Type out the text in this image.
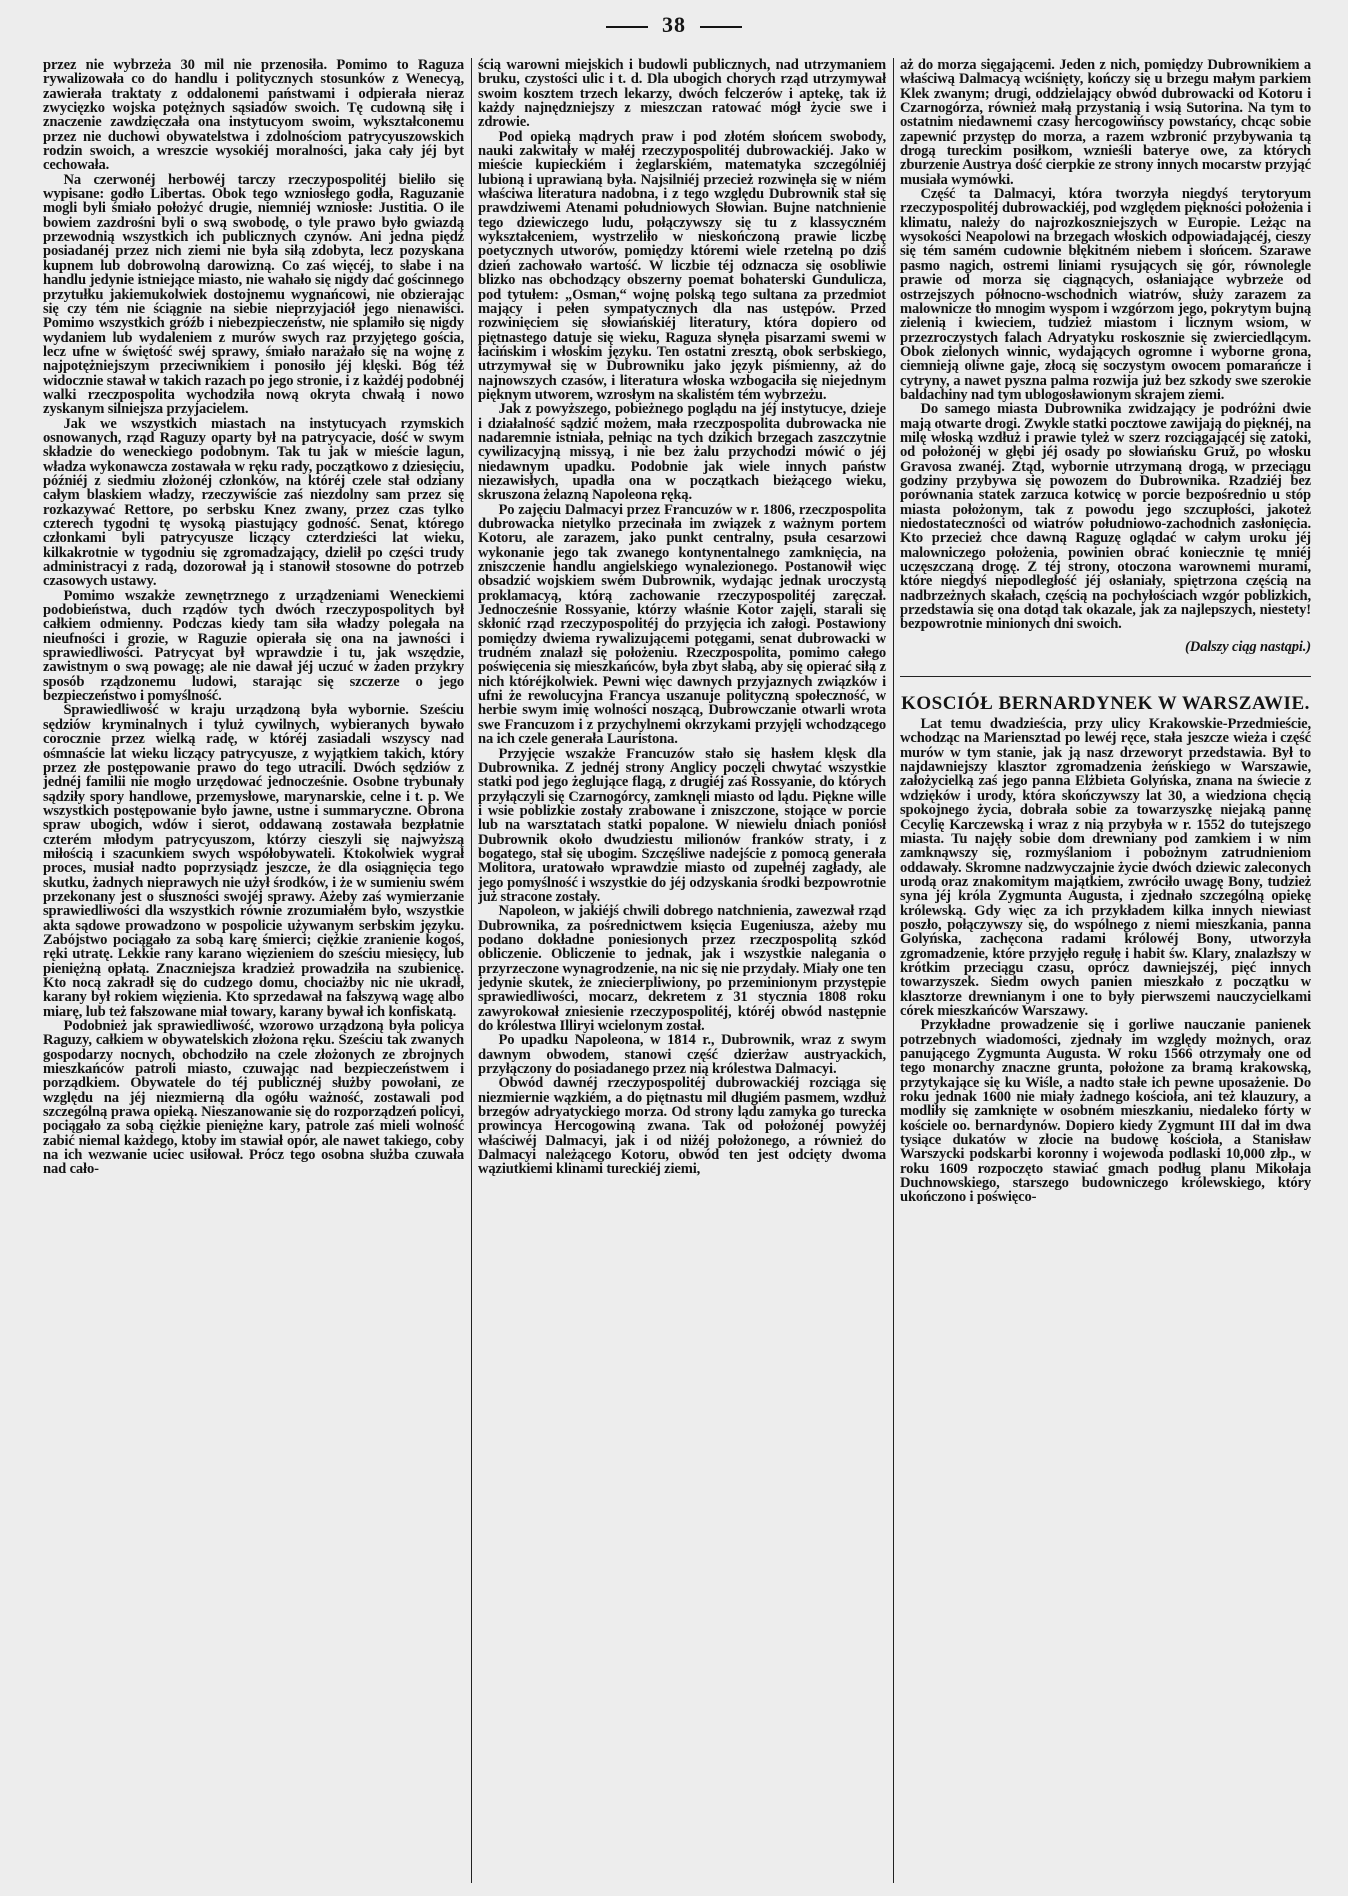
38

przez nie wybrzeża 30 mil nie przenosiła. Pomimo to Raguza rywalizowała co do handlu i politycznych stosunków z Wenecyą, zawierała traktaty z oddalonemi państwami i odpierała nieraz zwycięzko wojska potężnych sąsiadów swoich. Tę cudowną siłę i znaczenie zawdzięczała ona instytucyom swoim, wykształconemu przez nie duchowi obywatelstwa i zdolnościom patrycyuszowskich rodzin swoich, a wreszcie wysokiéj moralności, jaka cały jéj byt cechowała.

Na czerwonéj herbowéj tarczy rzeczypospolitéj bieliło się wypisane: godło Libertas. Obok tego wzniosłego godła, Raguzanie mogli byli śmiało położyć drugie, niemniéj wzniosłe: Justitia. O ile bowiem zazdrośni byli o swą swobodę, o tyle prawo było gwiazdą przewodnią wszystkich ich publicznych czynów. Ani jedna piędź posiadanéj przez nich ziemi nie była siłą zdobyta, lecz pozyskana kupnem lub dobrowolną darowizną. Co zaś więcéj, to słabe i na handlu jedynie istniejące miasto, nie wahało się nigdy dać gościnnego przytułku jakiemukolwiek dostojnemu wygnańcowi, nie obzierając się czy tém nie ściągnie na siebie nieprzyjaciół jego nienawiści. Pomimo wszystkich gróźb i niebezpieczeństw, nie splamiło się nigdy wydaniem lub wydaleniem z murów swych raz przyjętego gościa, lecz ufne w świętość swéj sprawy, śmiało narażało się na wojnę z najpotężniejszym przeciwnikiem i ponosiło jéj klęski. Bóg téż widocznie stawał w takich razach po jego stronie, i z każdéj podobnéj walki rzeczpospolita wychodziła nową okryta chwałą i nowo zyskanym silniejsza przyjacielem.

Jak we wszystkich miastach na instytucyach rzymskich osnowanych, rząd Raguzy oparty był na patrycyacie, dość w swym składzie do weneckiego podobnym. Tak tu jak w mieście lagun, władza wykonawcza zostawała w ręku rady, początkowo z dziesięciu, późniéj z siedmiu złożonéj członków, na któréj czele stał odziany całym blaskiem władzy, rzeczywiście zaś niezdolny sam przez się rozkazywać Rettore, po serbsku Knez zwany, przez czas tylko czterech tygodni tę wysoką piastujący godność. Senat, którego członkami byli patrycyusze liczący czterdzieści lat wieku, kilkakrotnie w tygodniu się zgromadzający, dzielił po części trudy administracyi z radą, dozorował ją i stanowił stosowne do potrzeb czasowych ustawy.

Pomimo wszakże zewnętrznego z urządzeniami Weneckiemi podobieństwa, duch rządów tych dwóch rzeczypospolitych był całkiem odmienny. Podczas kiedy tam siła władzy polegała na nieufności i grozie, w Raguzie opierała się ona na jawności i sprawiedliwości. Patrycyat był wprawdzie i tu, jak wszędzie, zawistnym o swą powagę; ale nie dawał jéj uczuć w żaden przykry sposób rządzonemu ludowi, starając się szczerze o jego bezpieczeństwo i pomyślność.

Sprawiedliwość w kraju urządzoną była wybornie. Sześciu sędziów kryminalnych i tyluż cywilnych, wybieranych bywało corocznie przez wielką radę, w któréj zasiadali wszyscy nad ośmnaście lat wieku liczący patrycyusze, z wyjątkiem takich, który przez złe postępowanie prawo do tego utracili. Dwóch sędziów z jednéj familii nie mogło urzędować jednocześnie. Osobne trybunały sądziły spory handlowe, przemysłowe, marynarskie, celne i t. p. We wszystkich postępowanie było jawne, ustne i summaryczne. Obrona spraw ubogich, wdów i sierot, oddawaną zostawała bezpłatnie czterém młodym patrycyuszom, którzy cieszyli się najwyższą miłością i szacunkiem swych współobywateli. Ktokolwiek wygrał proces, musiał nadto poprzysiądz jeszcze, że dla osiągnięcia tego skutku, żadnych nieprawych nie użył środków, i że w sumieniu swém przekonany jest o słuszności swojéj sprawy. Ażeby zaś wymierzanie sprawiedliwości dla wszystkich równie zrozumiałém było, wszystkie akta sądowe prowadzono w pospolicie używanym serbskim języku. Zabójstwo pociągało za sobą karę śmierci; ciężkie zranienie kogoś, ręki utratę. Lekkie rany karano więzieniem do sześciu miesięcy, lub pieniężną opłatą. Znaczniejsza kradzież prowadziła na szubienicę. Kto nocą zakradł się do cudzego domu, chociażby nic nie ukradł, karany był rokiem więzienia. Kto sprzedawał na fałszywą wagę albo miarę, lub też fałszowane miał towary, karany bywał ich konfiskatą.

Podobnież jak sprawiedliwość, wzorowo urządzoną była policya Raguzy, całkiem w obywatelskich złożona ręku. Sześciu tak zwanych gospodarzy nocnych, obchodziło na czele złożonych ze zbrojnych mieszkańców patroli miasto, czuwając nad bezpieczeństwem i porządkiem. Obywatele do téj publicznéj służby powołani, ze względu na jéj niezmierną dla ogółu ważność, zostawali pod szczególną prawa opieką. Nieszanowanie się do rozporządzeń policyi, pociągało za sobą ciężkie pieniężne kary, patrole zaś mieli wolność zabić niemal każdego, ktoby im stawiał opór, ale nawet takiego, coby na ich wezwanie uciec usiłował. Prócz tego osobna służba czuwała nad cało-

ścią warowni miejskich i budowli publicznych, nad utrzymaniem bruku, czystości ulic i t. d. Dla ubogich chorych rząd utrzymywał swoim kosztem trzech lekarzy, dwóch felczerów i aptekę, tak iż każdy najnędzniejszy z mieszczan ratować mógł życie swe i zdrowie.

Pod opieką mądrych praw i pod złotém słońcem swobody, nauki zakwitały w małéj rzeczypospolitéj dubrowackiéj. Jako w mieście kupieckiém i żeglarskiém, matematyka szczególniéj lubioną i uprawianą była. Najsilniéj przecież rozwinęła się w niém właściwa literatura nadobna, i z tego względu Dubrownik stał się prawdziwemi Atenami południowych Słowian. Bujne natchnienie tego dziewiczego ludu, połączywszy się tu z klassyczném wykształceniem, wystrzeliło w nieskończoną prawie liczbę poetycznych utworów, pomiędzy któremi wiele rzetelną po dziś dzień zachowało wartość. W liczbie téj odznacza się osobliwie blizko nas obchodzący obszerny poemat bohaterski Gundulicza, pod tytułem: „Osman,“ wojnę polską tego sultana za przedmiot mający i pełen sympatycznych dla nas ustępów. Przed rozwinięciem się słowiańskiéj literatury, która dopiero od piętnastego datuje się wieku, Raguza słynęła pisarzami swemi w łacińskim i włoskim języku. Ten ostatni zresztą, obok serbskiego, utrzymywał się w Dubrowniku jako język piśmienny, aż do najnowszych czasów, i literatura włoska wzbogaciła się niejednym pięknym utworem, wzrosłym na skalistém tém wybrzeżu.

Jak z powyższego, pobieżnego poglądu na jéj instytucye, dzieje i działalność sądzić możem, mała rzeczpospolita dubrowacka nie nadaremnie istniała, pełniąc na tych dzikich brzegach zaszczytnie cywilizacyjną missyą, i nie bez żalu przychodzi mówić o jéj niedawnym upadku. Podobnie jak wiele innych państw niezawisłych, upadła ona w początkach bieżącego wieku, skruszona żelazną Napoleona ręką.

Po zajęciu Dalmacyi przez Francuzów w r. 1806, rzeczpospolita dubrowacka nietylko przecinała im związek z ważnym portem Kotoru, ale zarazem, jako punkt centralny, psuła cesarzowi wykonanie jego tak zwanego kontynentalnego zamknięcia, na zniszczenie handlu angielskiego wynalezionego. Postanowił więc obsadzić wojskiem swém Dubrownik, wydając jednak uroczystą proklamacyą, którą zachowanie rzeczypospolitéj zaręczał. Jednocześnie Rossyanie, którzy właśnie Kotor zajęli, starali się skłonić rząd rzeczypospolitéj do przyjęcia ich załogi. Postawiony pomiędzy dwiema rywalizującemi potęgami, senat dubrowacki w trudném znalazł się położeniu. Rzeczpospolita, pomimo całego poświęcenia się mieszkańców, była zbyt słabą, aby się opierać siłą z nich któréjkolwiek. Pewni więc dawnych przyjaznych związków i ufni że rewolucyjna Francya uszanuje polityczną społeczność, w herbie swym imię wolności noszącą, Dubrowczanie otwarli wrota swe Francuzom i z przychylnemi okrzykami przyjęli wchodzącego na ich czele generała Lauristona.

Przyjęcie wszakże Francuzów stało się hasłem klęsk dla Dubrownika. Z jednéj strony Anglicy poczęli chwytać wszystkie statki pod jego żeglujące flagą, z drugiéj zaś Rossyanie, do których przyłączyli się Czarnogórcy, zamknęli miasto od lądu. Piękne wille i wsie poblizkie zostały zrabowane i zniszczone, stojące w porcie lub na warsztatach statki popalone. W niewielu dniach poniósł Dubrownik około dwudziestu milionów franków straty, i z bogatego, stał się ubogim. Szczęśliwe nadejście z pomocą generała Molitora, uratowało wprawdzie miasto od zupełnéj zagłady, ale jego pomyślność i wszystkie do jéj odzyskania środki bezpowrotnie już stracone zostały.

Napoleon, w jakiéjś chwili dobrego natchnienia, zawezwał rząd Dubrownika, za pośrednictwem księcia Eugeniusza, ażeby mu podano dokładne poniesionych przez rzeczpospolitą szkód obliczenie. Obliczenie to jednak, jak i wszystkie nalegania o przyrzeczone wynagrodzenie, na nic się nie przydały. Miały one ten jedynie skutek, że zniecierpliwiony, po przeminionym przystępie sprawiedliwości, mocarz, dekretem z 31 stycznia 1808 roku zawyrokował zniesienie rzeczypospolitéj, któréj obwód następnie do królestwa Illiryi wcielonym został.

Po upadku Napoleona, w 1814 r., Dubrownik, wraz z swym dawnym obwodem, stanowi część dzierżaw austryackich, przyłączony do posiadanego przez nią królestwa Dalmacyi.

Obwód dawnéj rzeczypospolitéj dubrowackiéj rozciąga się niezmiernie wązkiém, a do piętnastu mil długiém pasmem, wzdłuż brzegów adryatyckiego morza. Od strony lądu zamyka go turecka prowincya Hercogowiną zwana. Tak od położonéj powyżéj właściwéj Dalmacyi, jak i od niżéj położonego, a również do Dalmacyi należącego Kotoru, obwód ten jest odcięty dwoma wąziutkiemi klinami tureckiéj ziemi,

aż do morza sięgającemi. Jeden z nich, pomiędzy Dubrownikiem a właściwą Dalmacyą wciśnięty, kończy się u brzegu małym parkiem Klek zwanym; drugi, oddzielający obwód dubrowacki od Kotoru i Czarnogórza, również małą przystanią i wsią Sutorina. Na tym to ostatnim niedawnemi czasy hercogowińscy powstańcy, chcąc sobie zapewnić przystęp do morza, a razem wzbronić przybywania tą drogą tureckim posiłkom, wznieśli baterye owe, za których zburzenie Austrya dość cierpkie ze strony innych mocarstw przyjąć musiała wymówki.

Część ta Dalmacyi, która tworzyła niegdyś terytoryum rzeczypospolitéj dubrowackiéj, pod względem piękności położenia i klimatu, należy do najrozkoszniejszych w Europie. Leżąc na wysokości Neapolowi na brzegach włoskich odpowiadającéj, cieszy się tém samém cudownie błękitném niebem i słońcem. Szarawe pasmo nagich, ostremi liniami rysujących się gór, równolegle prawie od morza się ciągnących, osłaniające wybrzeże od ostrzejszych północno-wschodnich wiatrów, służy zarazem za malownicze tło mnogim wyspom i wzgórzom jego, pokrytym bujną zielenią i kwieciem, tudzież miastom i licznym wsiom, w przezroczystych falach Adryatyku roskosznie się zwierciedlącym. Obok zielonych winnic, wydających ogromne i wyborne grona, ciemnieją oliwne gaje, złocą się soczystym owocem pomarańcze i cytryny, a nawet pyszna palma rozwija już bez szkody swe szerokie baldachiny nad tym ublogosławionym skrajem ziemi.

Do samego miasta Dubrownika zwidzający je podróżni dwie mają otwarte drogi. Zwykle statki pocztowe zawijają do pięknéj, na milę włoską wzdłuż i prawie tyleż w szerz rozciągającéj się zatoki, od położonéj w głębi jéj osady po słowiańsku Gruž, po włosku Gravosa zwanéj. Ztąd, wybornie utrzymaną drogą, w przeciągu godziny przybywa się powozem do Dubrownika. Rzadziéj bez porównania statek zarzuca kotwicę w porcie bezpośrednio u stóp miasta położonym, tak z powodu jego szczupłości, jakoteż niedostateczności od wiatrów południowo-zachodnich zasłonięcia. Kto przecież chce dawną Raguzę oglądać w całym uroku jéj malowniczego położenia, powinien obrać koniecznie tę mniéj uczęszczaną drogę. Z téj strony, otoczona warownemi murami, które niegdyś niepodległość jéj osłaniały, spiętrzona częścią na nadbrzeżnych skałach, częścią na pochyłościach wzgór poblizkich, przedstawia się ona dotąd tak okazale, jak za najlepszych, niestety! bezpowrotnie minionych dni swoich.

(Dalszy ciąg nastąpi.)

KOSCIÓŁ BERNARDYNEK W WARSZAWIE.

Lat temu dwadzieścia, przy ulicy Krakowskie-Przedmieście, wchodząc na Mariensztad po lewéj ręce, stała jeszcze wieża i część murów w tym stanie, jak ją nasz drzeworyt przedstawia. Był to najdawniejszy klasztor zgromadzenia żeńskiego w Warszawie, założycielką zaś jego panna Elżbieta Golyńska, znana na świecie z wdzięków i urody, która skończywszy lat 30, a wiedziona chęcią spokojnego życia, dobrała sobie za towarzyszkę niejaką pannę Cecylię Karczewską i wraz z nią przybyła w r. 1552 do tutejszego miasta. Tu najęły sobie dom drewniany pod zamkiem i w nim zamknąwszy się, rozmyślaniom i pobożnym zatrudnieniom oddawały. Skromne nadzwyczajnie życie dwóch dziewic zaleconych urodą oraz znakomitym majątkiem, zwróciło uwagę Bony, tudzież syna jéj króla Zygmunta Augusta, i zjednało szczególną opiekę królewską. Gdy więc za ich przykładem kilka innych niewiast poszło, połączywszy się, do wspólnego z niemi mieszkania, panna Golyńska, zachęcona radami królowéj Bony, utworzyła zgromadzenie, które przyjęło regułę i habit św. Klary, znalazłszy w krótkim przeciągu czasu, oprócz dawniejszéj, pięć innych towarzyszek. Siedm owych panien mieszkało z początku w klasztorze drewnianym i one to były pierwszemi nauczycielkami córek mieszkańców Warszawy.

Przykładne prowadzenie się i gorliwe nauczanie panienek potrzebnych wiadomości, zjednały im względy możnych, oraz panującego Zygmunta Augusta. W roku 1566 otrzymały one od tego monarchy znaczne grunta, położone za bramą krakowską, przytykające się ku Wiśle, a nadto stałe ich pewne uposażenie. Do roku jednak 1600 nie miały żadnego kościoła, ani też klauzury, a modliły się zamknięte w osobném mieszkaniu, niedaleko fórty w kościele oo. bernardynów. Dopiero kiedy Zygmunt III dał im dwa tysiące dukatów w złocie na budowę kościoła, a Stanisław Warszycki podskarbi koronny i wojewoda podlaski 10,000 złp., w roku 1609 rozpoczęto stawiać gmach podług planu Mikołaja Duchnowskiego, starszego budowniczego królewskiego, który ukończono i poświęco-
